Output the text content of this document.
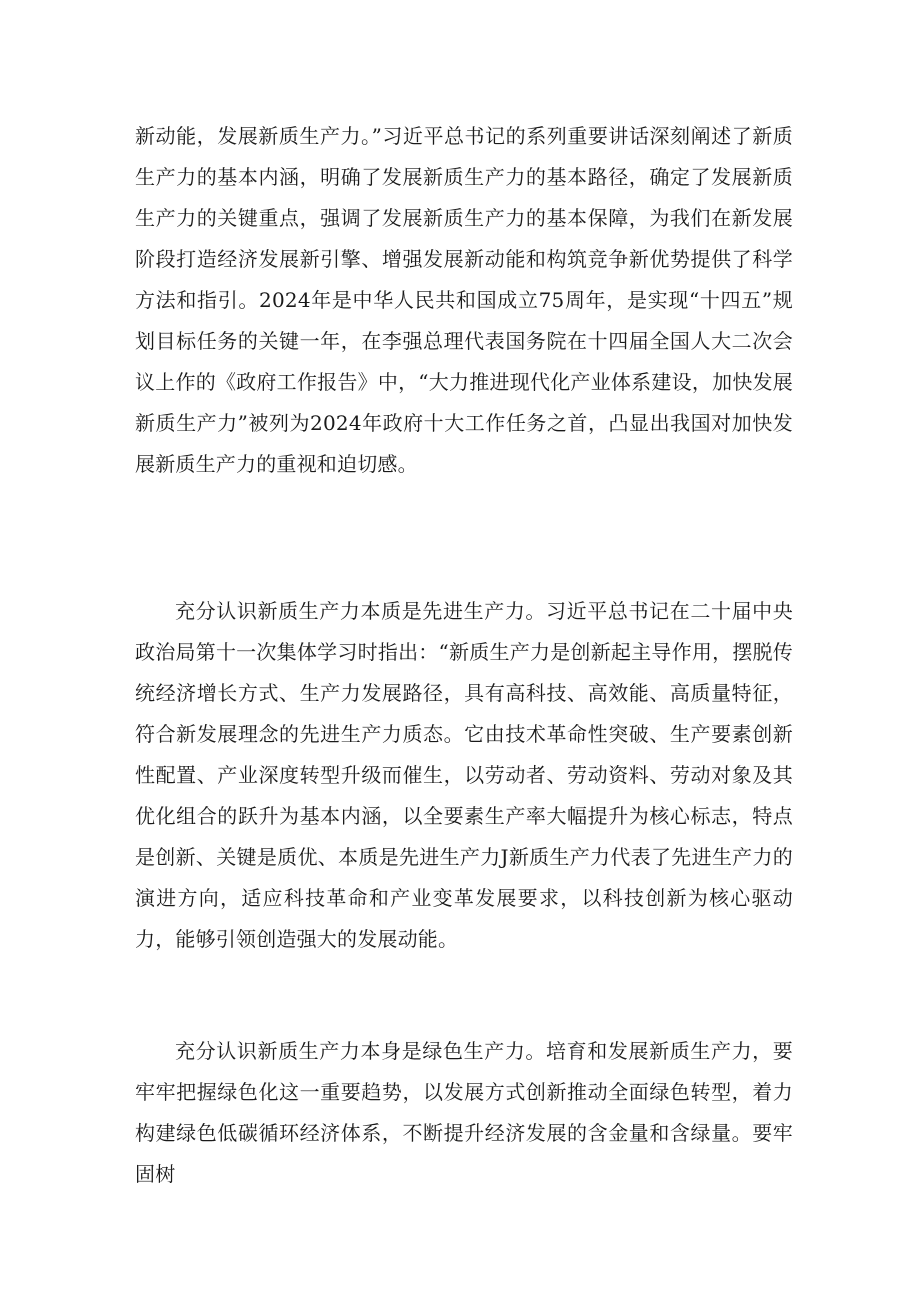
新动能，发展新质生产力。”习近平总书记的系列重要讲话深刻阐述了新质生产力的基本内涵，明确了发展新质生产力的基本路径，确定了发展新质生产力的关键重点，强调了发展新质生产力的基本保障，为我们在新发展阶段打造经济发展新引擎、增强发展新动能和构筑竞争新优势提供了科学方法和指引。2024年是中华人民共和国成立75周年，是实现“十四五”规划目标任务的关键一年，在李强总理代表国务院在十四届全国人大二次会议上作的《政府工作报告》中，“大力推进现代化产业体系建设，加快发展新质生产力”被列为2024年政府十大工作任务之首，凸显出我国对加快发展新质生产力的重视和迫切感。

充分认识新质生产力本质是先进生产力。习近平总书记在二十届中央政治局第十一次集体学习时指出：“新质生产力是创新起主导作用，摆脱传统经济增长方式、生产力发展路径，具有高科技、高效能、高质量特征，符合新发展理念的先进生产力质态。它由技术革命性突破、生产要素创新性配置、产业深度转型升级而催生，以劳动者、劳动资料、劳动对象及其优化组合的跃升为基本内涵，以全要素生产率大幅提升为核心标志，特点是创新、关键是质优、本质是先进生产力J新质生产力代表了先进生产力的演进方向，适应科技革命和产业变革发展要求，以科技创新为核心驱动力，能够引领创造强大的发展动能。

充分认识新质生产力本身是绿色生产力。培育和发展新质生产力，要牢牢把握绿色化这一重要趋势，以发展方式创新推动全面绿色转型，着力构建绿色低碳循环经济体系，不断提升经济发展的含金量和含绿量。要牢固树
